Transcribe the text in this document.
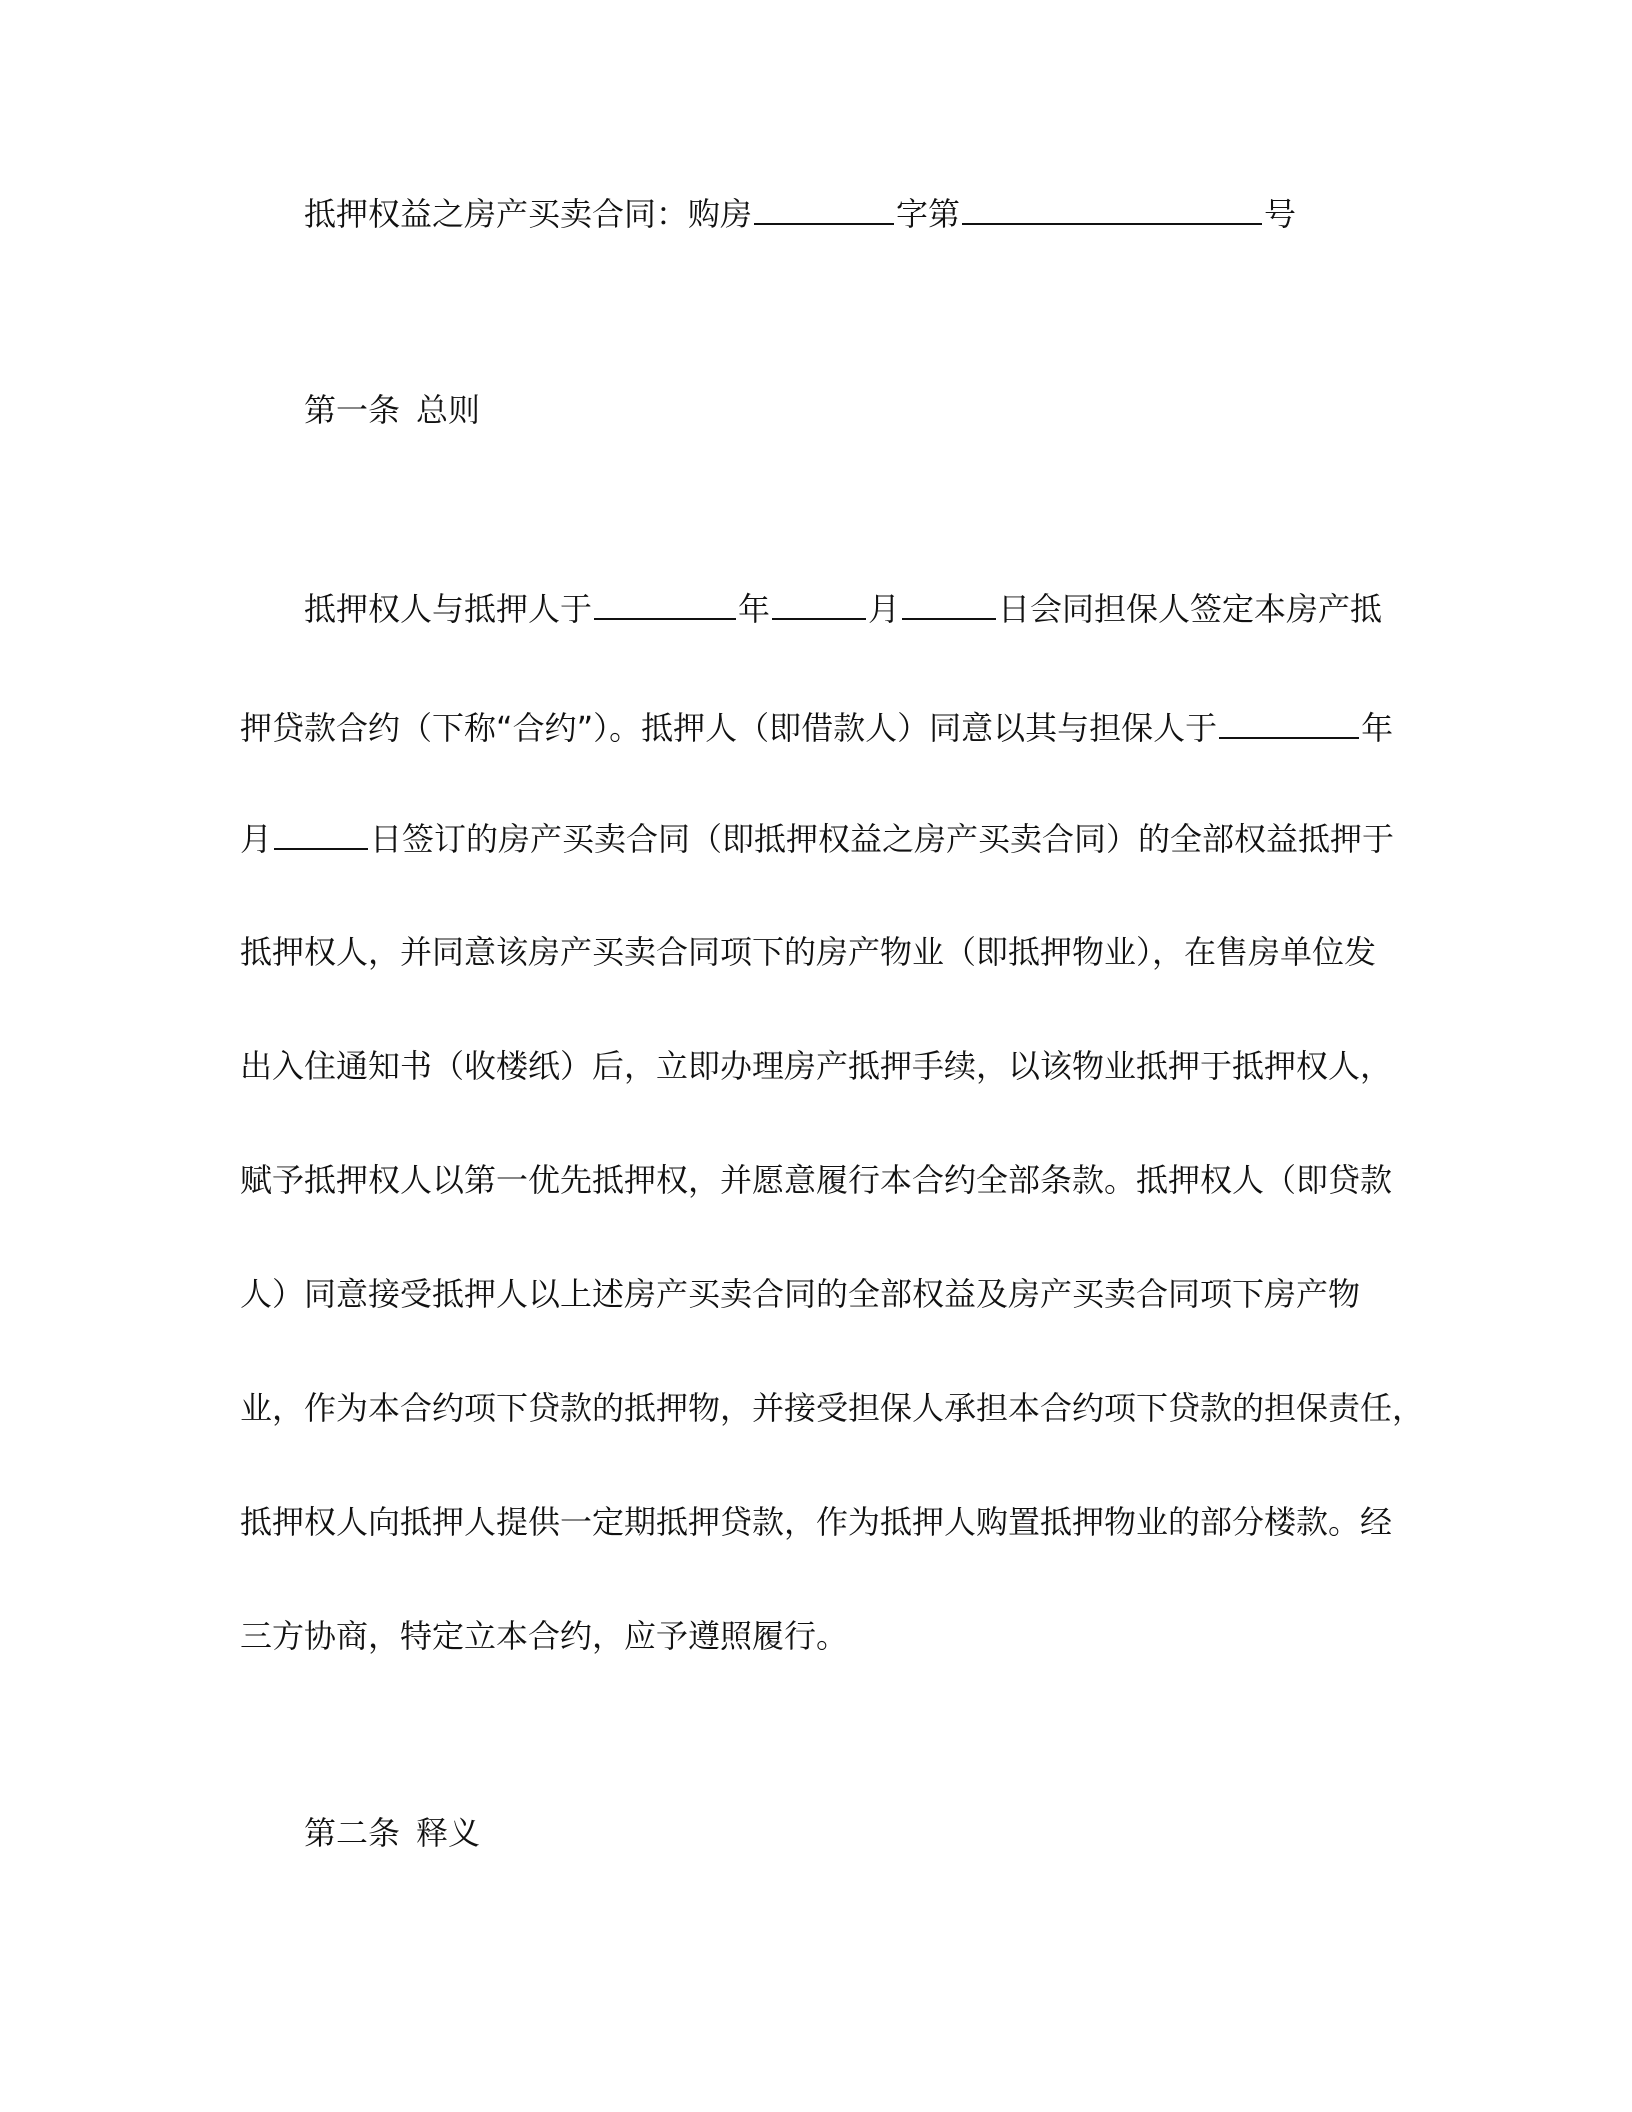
抵押权益之房产买卖合同：购房	字第	号
第一条 总则
抵押权人与抵押人于	年	月	日会同担保人签定本房产抵
押贷款合约（下称“合约”）。抵押人（即借款人）同意以其与担保人于	年
月	日签订的房产买卖合同（即抵押权益之房产买卖合同）的全部权益抵押于
抵押权人，并同意该房产买卖合同项下的房产物业（即抵押物业），在售房单位发
出入住通知书（收楼纸）后，立即办理房产抵押手续，以该物业抵押于抵押权人，
赋予抵押权人以第一优先抵押权，并愿意履行本合约全部条款。抵押权人（即贷款
人）同意接受抵押人以上述房产买卖合同的全部权益及房产买卖合同项下房产物
业，作为本合约项下贷款的抵押物，并接受担保人承担本合约项下贷款的担保责任，
抵押权人向抵押人提供一定期抵押贷款，作为抵押人购置抵押物业的部分楼款。经
三方协商，特定立本合约，应予遵照履行。
第二条 释义
